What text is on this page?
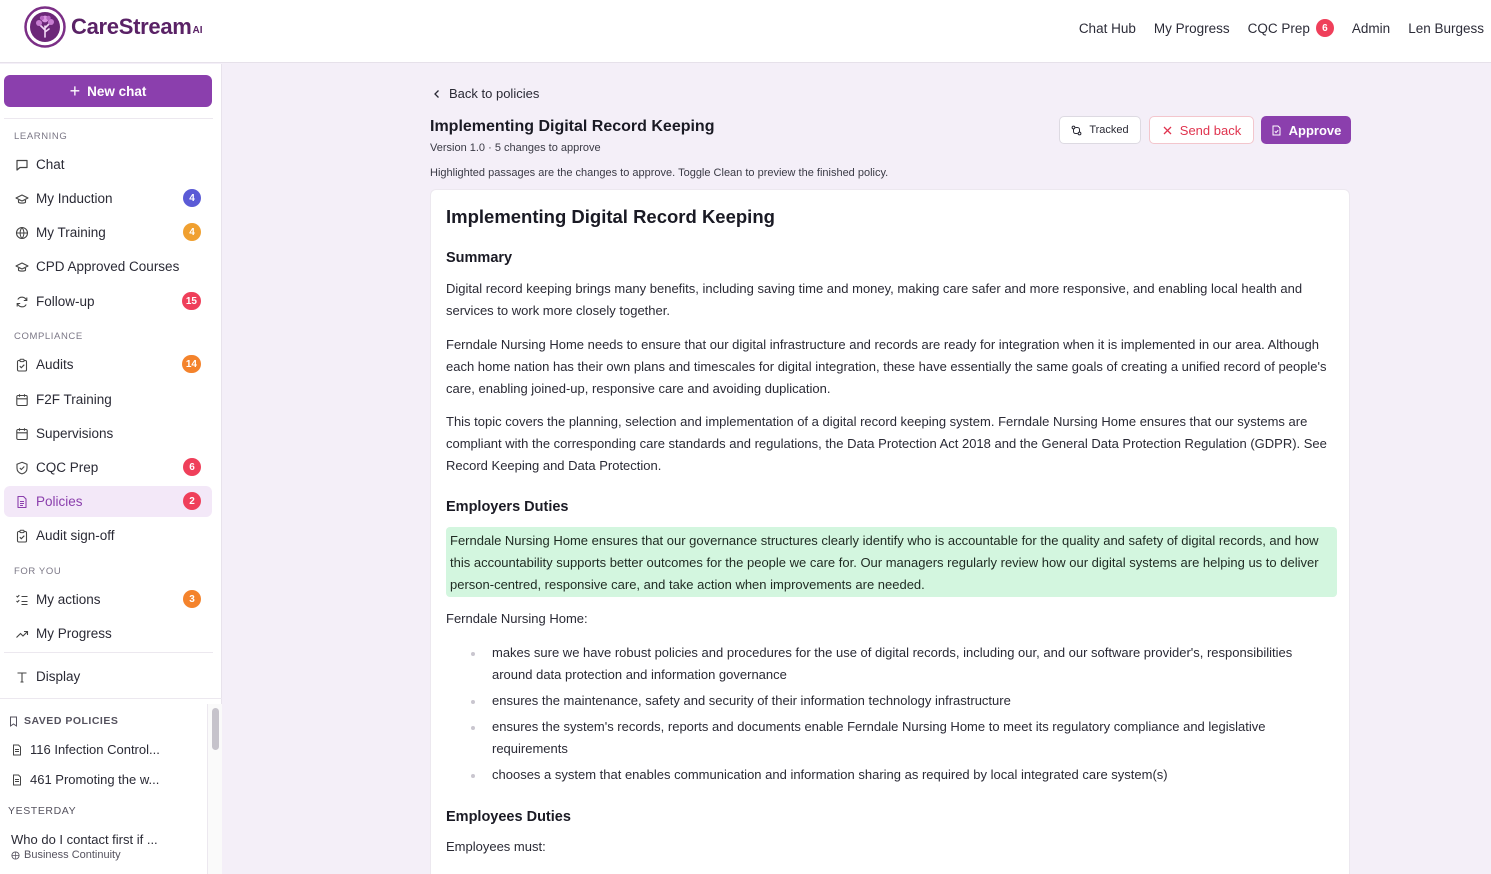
CareStream AI	Chat Hub My Progress CQC Prep	6	Admin Len Burgess
+ New chat
LEARNING
Chat
My Induction	4
My Training	4
CPD Approved Courses
Follow-up	15
COMPLIANCE
Audits	14
F2F Training
Supervisions
CQC Prep	6
Policies	2
Audit sign-off
FOR YOU
My actions	3
My Progress
Display
SAVED POLICIES
116 Infection Control...
461 Promoting the w...
YESTERDAY
Who do I contact first if ...
Business Continuity
Back to policies
Implementing Digital Record Keeping
Version 1.0 · 5 changes to approve
Highlighted passages are the changes to approve. Toggle Clean to preview the finished policy.
Tracked	Send back	Approve
Implementing Digital Record Keeping
Summary

Digital record keeping brings many benefits, including saving time and money, making care safer and more responsive, and enabling local health and services to work more closely together.

Ferndale Nursing Home needs to ensure that our digital infrastructure and records are ready for integration when it is implemented in our area. Although each home nation has their own plans and timescales for digital integration, these have essentially the same goals of creating a unified record of people's care, enabling joined-up, responsive care and avoiding duplication.

This topic covers the planning, selection and implementation of a digital record keeping system. Ferndale Nursing Home ensures that our systems are compliant with the corresponding care standards and regulations, the Data Protection Act 2018 and the General Data Protection Regulation (GDPR). See Record Keeping and Data Protection.

Employers Duties
Ferndale Nursing Home ensures that our governance structures clearly identify who is accountable for the quality and safety of digital records, and how this accountability supports better outcomes for the people we care for. Our managers regularly review how our digital systems are helping us to deliver person-centred, responsive care, and take action when improvements are needed.

Ferndale Nursing Home:

makes sure we have robust policies and procedures for the use of digital records, including our, and our software provider's, responsibilities around data protection and information governance
ensures the maintenance, safety and security of their information technology infrastructure
ensures the system's records, reports and documents enable Ferndale Nursing Home to meet its regulatory compliance and legislative requirements
chooses a system that enables communication and information sharing as required by local integrated care system(s)
Employees Duties

Employees must:
